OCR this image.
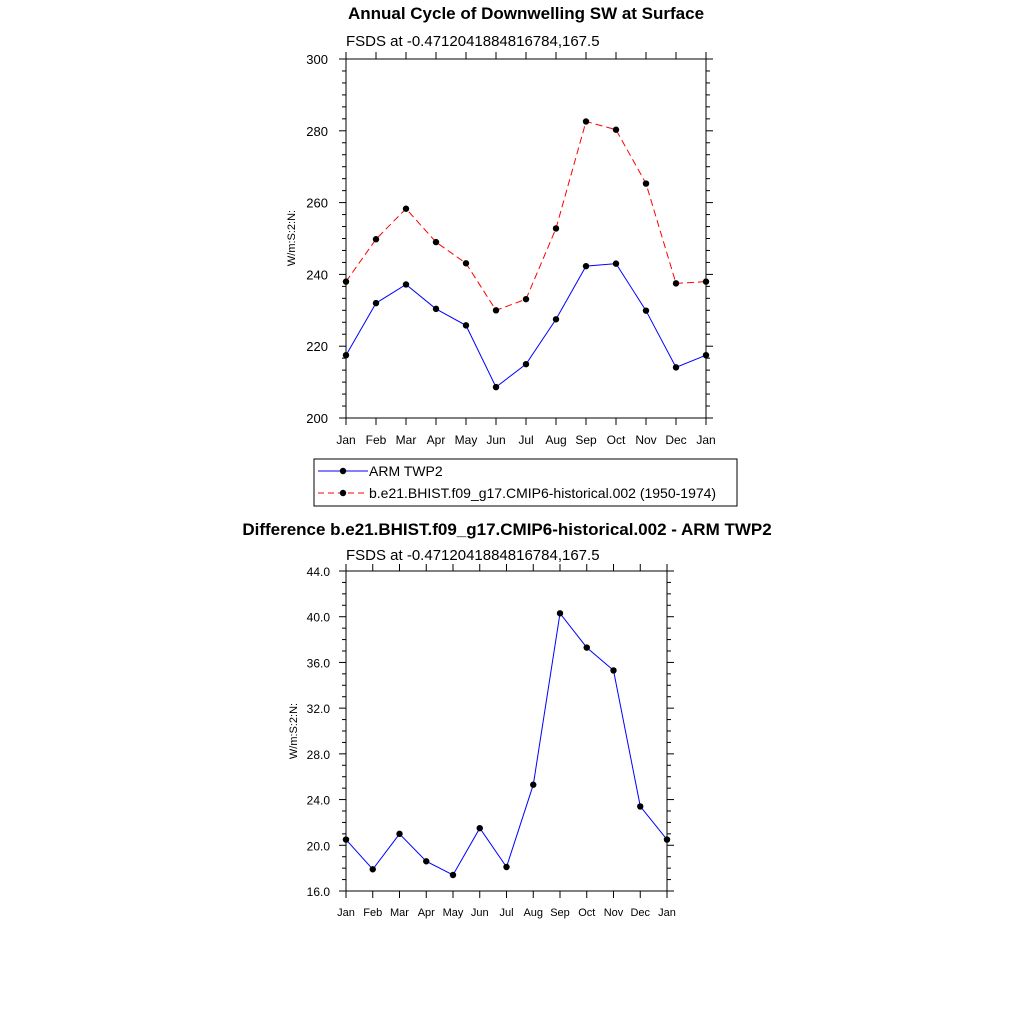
Annual Cycle of Downwelling SW at Surface
FSDS at -0.4712041884816784,167.5
W/m:S:2:N:
200
220
240
260
280
300
Jan Feb Mar Apr May Jun Jul Aug Sep Oct Nov Dec Jan
ARM TWP2
b.e21.BHIST.f09_g17.CMIP6-historical.002 (1950-1974)
Difference b.e21.BHIST.f09_g17.CMIP6-historical.002 - ARM TWP2
FSDS at -0.4712041884816784,167.5
W/m:S:2:N:
16.0
20.0
24.0
28.0
32.0
36.0
40.0
44.0
Jan Feb Mar Apr May Jun Jul Aug Sep Oct Nov Dec Jan
